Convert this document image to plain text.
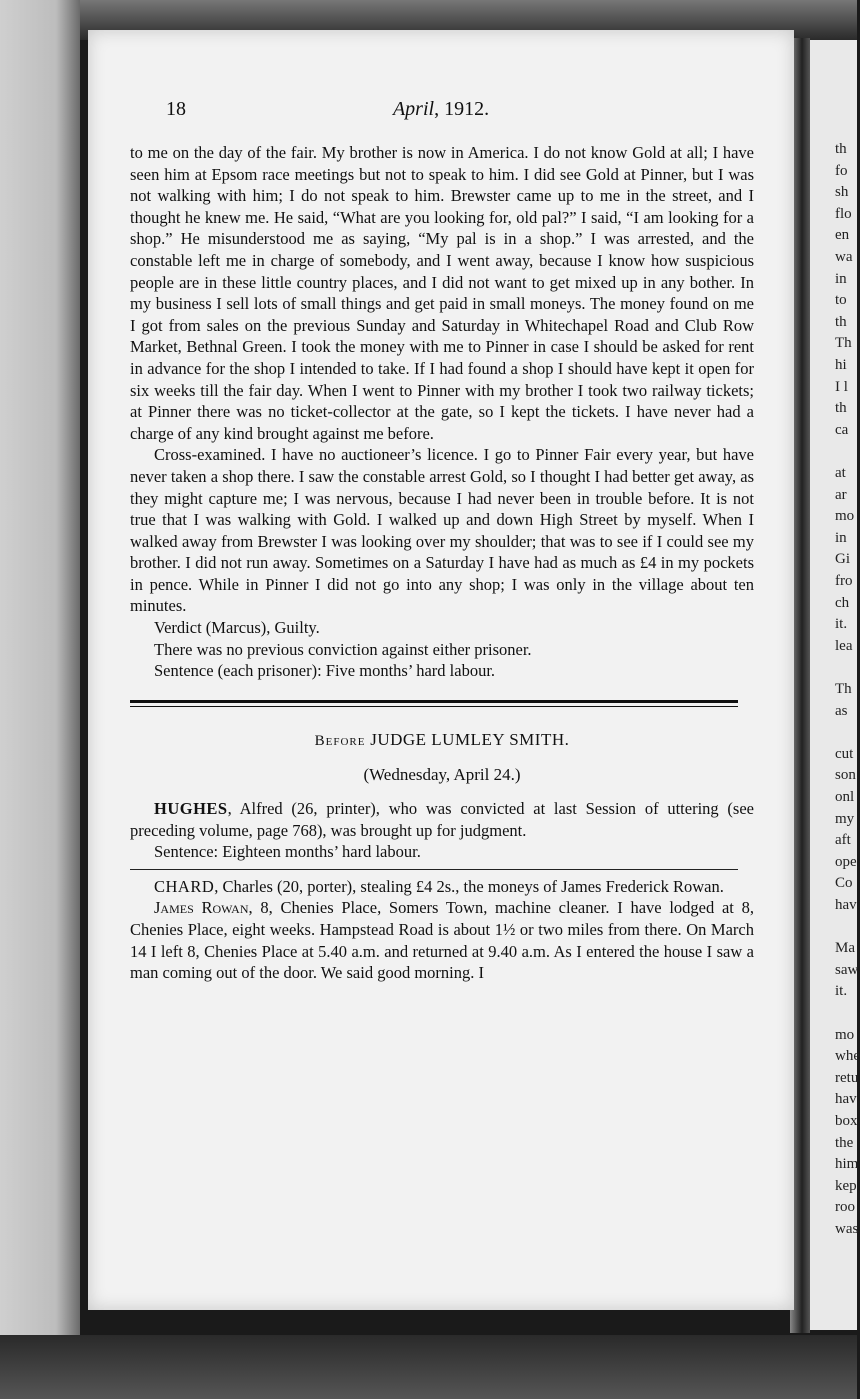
th
fo
sh
flo
en
wa
in
to
th
Th
hi
I l
th
ca
at
ar
mo
in
Gi
fro
ch
it.
lea
Th
as
cut
son
onl
my
aft
ope
Co
hav
Ma
saw
it.
mo
whe
retu
hav
box
the
him
kep
roo
was
18	April, 1912.

to me on the day of the fair. My brother is now in America. I do not know Gold at all; I have seen him at Epsom race meetings but not to speak to him. I did see Gold at Pinner, but I was not walking with him; I do not speak to him. Brewster came up to me in the street, and I thought he knew me. He said, “What are you looking for, old pal?” I said, “I am looking for a shop.” He misunderstood me as saying, “My pal is in a shop.” I was arrested, and the constable left me in charge of somebody, and I went away, because I know how suspicious people are in these little country places, and I did not want to get mixed up in any bother. In my business I sell lots of small things and get paid in small moneys. The money found on me I got from sales on the previous Sunday and Saturday in Whitechapel Road and Club Row Market, Bethnal Green. I took the money with me to Pinner in case I should be asked for rent in advance for the shop I intended to take. If I had found a shop I should have kept it open for six weeks till the fair day. When I went to Pinner with my brother I took two railway tickets; at Pinner there was no ticket-collector at the gate, so I kept the tickets. I have never had a charge of any kind brought against me before.

Cross-examined. I have no auctioneer’s licence. I go to Pinner Fair every year, but have never taken a shop there. I saw the constable arrest Gold, so I thought I had better get away, as they might capture me; I was nervous, because I had never been in trouble before. It is not true that I was walking with Gold. I walked up and down High Street by myself. When I walked away from Brewster I was looking over my shoulder; that was to see if I could see my brother. I did not run away. Sometimes on a Saturday I have had as much as £4 in my pockets in pence. While in Pinner I did not go into any shop; I was only in the village about ten minutes.

Verdict (Marcus), Guilty.

There was no previous conviction against either prisoner.

Sentence (each prisoner): Five months’ hard labour.

Before JUDGE LUMLEY SMITH.
(Wednesday, April 24.)

HUGHES, Alfred (26, printer), who was convicted at last Session of uttering (see preceding volume, page 768), was brought up for judgment.

Sentence: Eighteen months’ hard labour.

CHARD, Charles (20, porter), stealing £4 2s., the moneys of James Frederick Rowan.

James Rowan, 8, Chenies Place, Somers Town, machine cleaner. I have lodged at 8, Chenies Place, eight weeks. Hampstead Road is about 1½ or two miles from there. On March 14 I left 8, Chenies Place at 5.40 a.m. and returned at 9.40 a.m. As I entered the house I saw a man coming out of the door. We said good morning. I
